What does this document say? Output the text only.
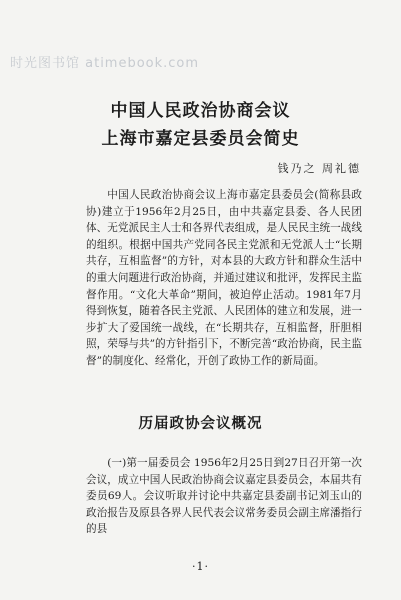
时光图书馆 atimebook.com
中国人民政治协商会议
上海市嘉定县委员会简史
钱乃之 周礼德

中国人民政治协商会议上海市嘉定县委员会(简称县政协)建立于1956年2月25日，由中共嘉定县委、各人民团体、无党派民主人士和各界代表组成，是人民民主统一战线的组织。根据中国共产党同各民主党派和无党派人士“长期共存，互相监督”的方针，对本县的大政方针和群众生活中的重大问题进行政治协商，并通过建议和批评，发挥民主监督作用。“文化大革命”期间，被迫停止活动。1981年7月得到恢复，随着各民主党派、人民团体的建立和发展，进一步扩大了爱国统一战线，在“长期共存，互相监督，肝胆相照，荣辱与共”的方针指引下，不断完善“政治协商，民主监督”的制度化、经常化，开创了政协工作的新局面。

历届政协会议概况

(一)第一届委员会 1956年2月25日到27日召开第一次会议，成立中国人民政治协商会议嘉定县委员会，本届共有委员69人。会议听取并讨论中共嘉定县委副书记刘玉山的政治报告及原县各界人民代表会议常务委员会副主席潘指行的县

·1·
